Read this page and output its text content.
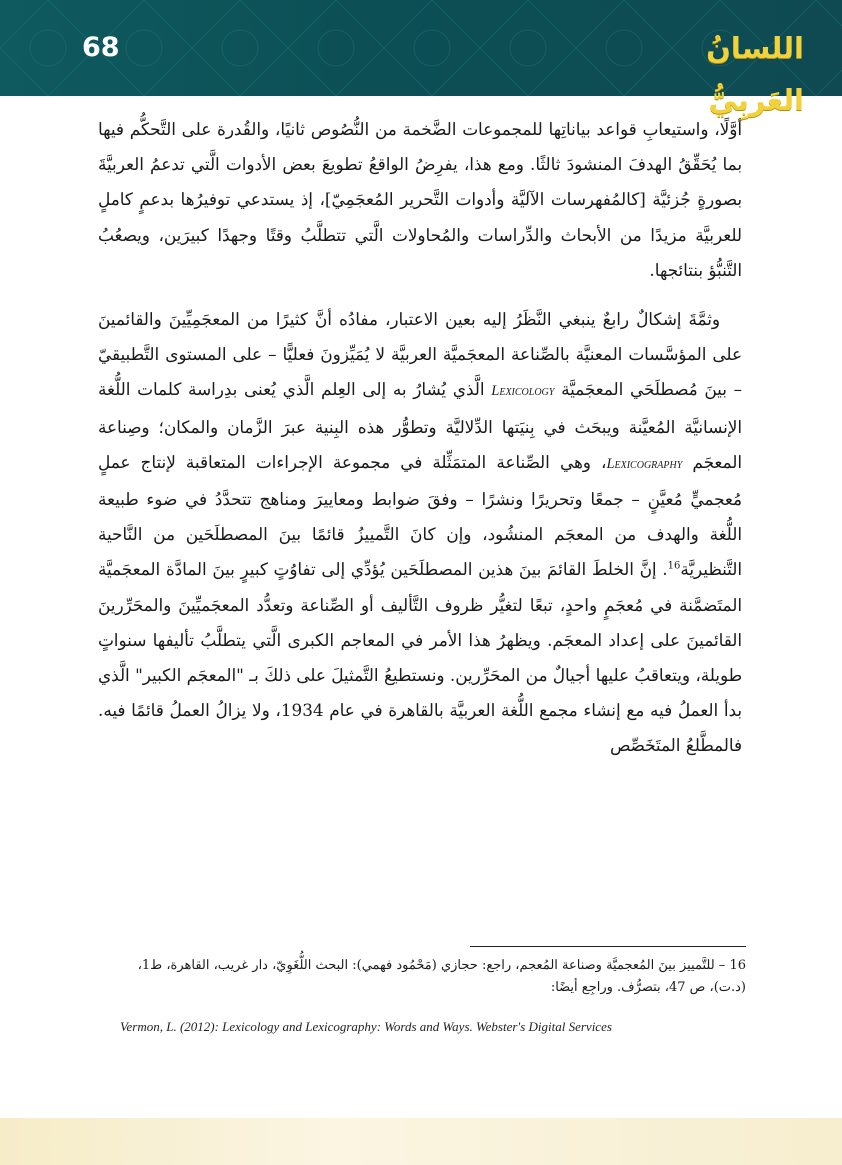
68	اللسانُ العَربِيُّ

أوَّلًا، واستيعابِ قواعد بياناتِها للمجموعات الضَّخمة من النُّصُوص ثانيًا، والقُدرة على التَّحكُّم فيها بما يُحَقِّقُ الهدفَ المنشودَ ثالثًا. ومع هذا، يفرِضُ الواقعُ تطويعَ بعض الأدوات الَّتي تدعمُ العربيَّةَ بصورةٍ جُزئيَّة [كالمُفهرسات الآليَّة وأدوات التَّحرير المُعجَمِيّ]، إذ يستدعي توفيرُها بدعمٍ كاملٍ للعربيَّة مزيدًا من الأبحاث والدِّراسات والمُحاولات الَّتي تتطلَّبُ وقتًا وجهدًا كبيرَين، ويصعُبُ التَّنبُّؤ بنتائجها.

وثمَّةَ إشكالٌ رابعٌ ينبغي النَّظَرُ إليه بعين الاعتبار، مفادُه أنَّ كثيرًا من المعجَمِيِّينَ والقائمينَ على المؤسَّسات المعنيَّة بالصِّناعة المعجَميَّة العربيَّة لا يُمَيِّزونَ فعليًّا – على المستوى التَّطبيقيّ – بينَ مُصطلَحَي المعجَميَّة Lexicology الَّذي يُشارُ به إلى العِلم الَّذي يُعنى بدِراسة كلمات اللُّغة الإنسانيَّة المُعيَّنة ويبحَث في بِنيَتها الدِّلاليَّة وتطوُّر هذه البِنية عبرَ الزَّمان والمكان؛ وصِناعة المعجَم Lexicography، وهي الصِّناعة المتمَثِّلة في مجموعة الإجراءات المتعاقبة لإنتاج عملٍ مُعجميٍّ مُعيَّنٍ – جمعًا وتحريرًا ونشرًا – وفقَ ضوابط ومعاييرَ ومناهج تتحدَّدُ في ضوء طبيعة اللُّغة والهدف من المعجَم المنشُود، وإن كانَ التَّمييزُ قائمًا بينَ المصطلَحَين من النَّاحية التَّنظيريَّة$^{16}$. إنَّ الخلطَ القائمَ بينَ هذين المصطلَحَين يُؤدِّي إلى تفاوُتٍ كبيرٍ بينَ المادَّة المعجَميَّة المتَضمَّنة في مُعجَمٍ واحدٍ، تبعًا لتغيُّر ظروف التَّأليف أو الصِّناعة وتعدُّد المعجَميِّينَ والمحَرِّرينَ القائمينَ على إعداد المعجَم. ويظهرُ هذا الأمر في المعاجم الكبرى الَّتي يتطلَّبُ تأليفها سنواتٍ طويلة، ويتعاقبُ عليها أجيالٌ من المحَرِّرين. ونستطيعُ التَّمثيلَ على ذلكَ بـ "المعجَم الكبير" الَّذي بدأ العملُ فيه مع إنشاء مجمع اللُّغة العربيَّة بالقاهرة في عام 1934، ولا يزالُ العملُ قائمًا فيه. فالمطَّلعُ المتَخَصِّص

16 – للتَّمييز بينَ المُعجميَّة وصناعة المُعجم، راجع: حجازي (مَحْمُود فهمي): البحث اللُّغَوِيّ، دار غريب، القاهرة، ط1، (د.ت)، ص 47، بتصرُّف. وراجِع أيضًا:
Vermon, L. (2012): Lexicology and Lexicography: Words and Ways. Webster's Digital Services
